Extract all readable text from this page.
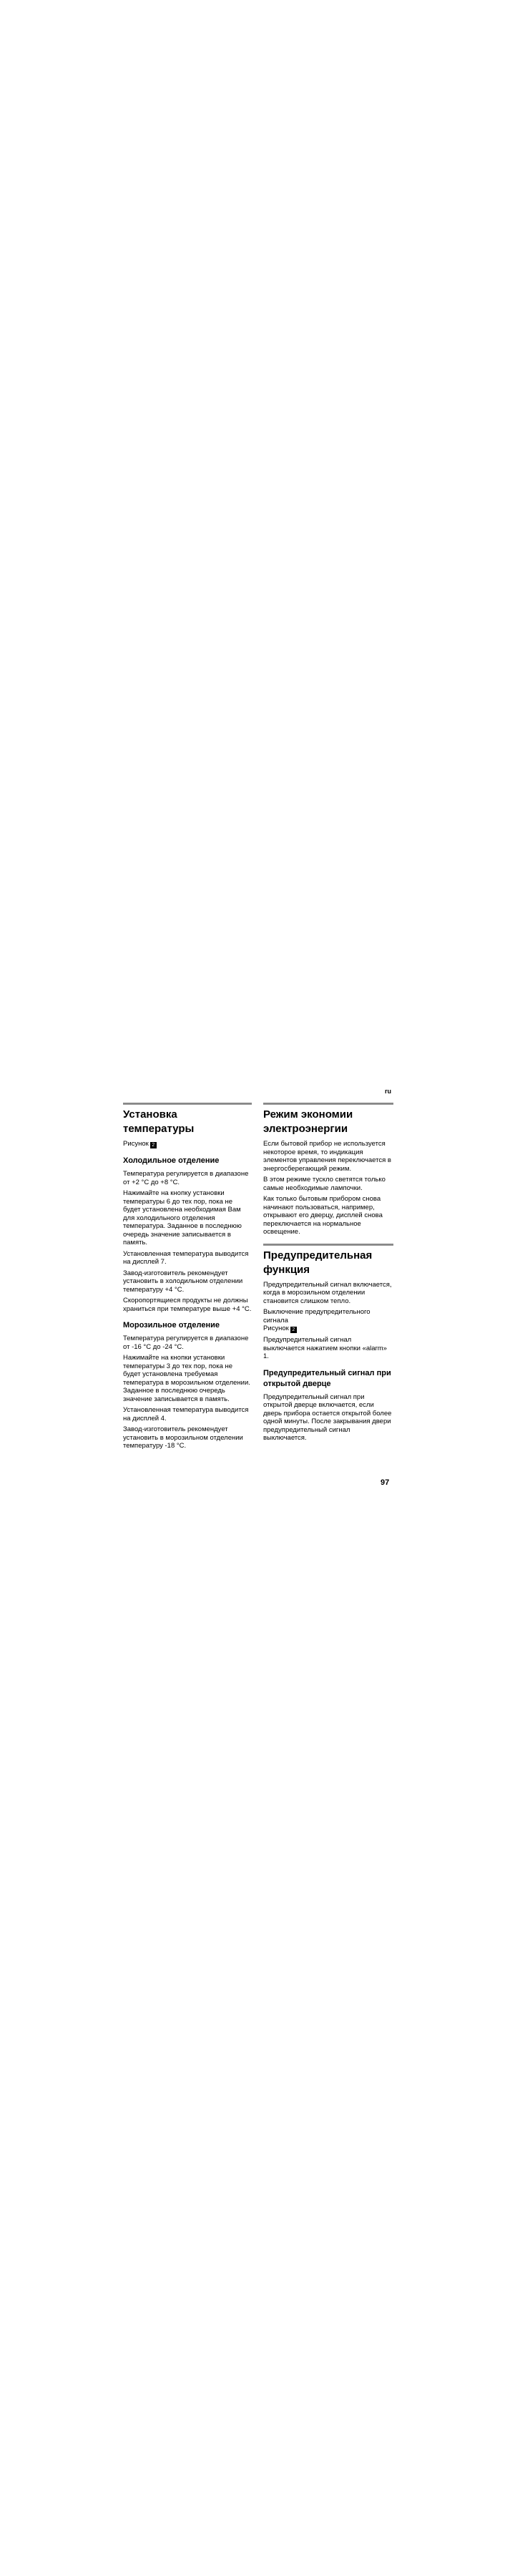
ru
Установка температуры

Рисунок 2

Холодильное отделение

Температура регулируется в диапазоне от +2 °C до +8 °C.

Нажимайте на кнопку установки температуры 6 до тех пор, пока не будет установлена необходимая Вам для холодильного отделения температура. Заданное в последнюю очередь значение записывается в память.

Установленная температура выводится на дисплей 7.

Завод-изготовитель рекомендует установить в холодильном отделении температуру +4 °C.

Скоропортящиеся продукты не должны храниться при температуре выше +4 °C.

Морозильное отделение

Температура регулируется в диапазоне от -16 °C до -24 °C.

Нажимайте на кнопки установки температуры 3 до тех пор, пока не будет установлена требуемая температура в морозильном отделении. Заданное в последнюю очередь значение записывается в память.

Установленная температура выводится на дисплей 4.

Завод-изготовитель рекомендует установить в морозильном отделении температуру -18 °C.

Режим экономии электроэнергии

Если бытовой прибор не используется некоторое время, то индикация элементов управления переключается в энергосберегающий режим.

В этом режиме тускло светятся только самые необходимые лампочки.

Как только бытовым прибором снова начинают пользоваться, например, открывают его дверцу, дисплей снова переключается на нормальное освещение.

Предупредительная функция

Предупредительный сигнал включается, когда в морозильном отделении становится слишком тепло.

Выключение предупредительного сигнала
Рисунок 2

Предупредительный сигнал выключается нажатием кнопки «alarm» 1.

Предупредительный сигнал при открытой дверце

Предупредительный сигнал при открытой дверце включается, если дверь прибора остается открытой более одной минуты. После закрывания двери предупредительный сигнал выключается.

97
